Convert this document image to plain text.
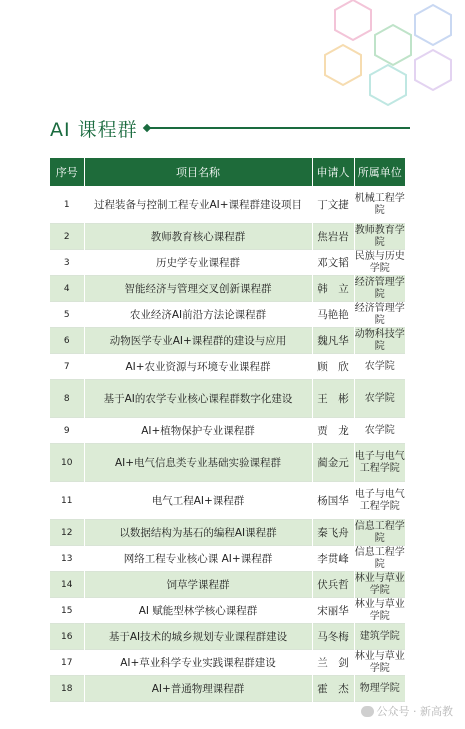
AI 课程群
序号	项目名称	申请人	所属单位
1	过程装备与控制工程专业AI+课程群建设项目	丁文捷	机械工程学院
2	教师教育核心课程群	焦岩岩	教师教育学院
3	历史学专业课程群	邓文韬	民族与历史学院
4	智能经济与管理交叉创新课程群	韩　立	经济管理学院
5	农业经济AI前沿方法论课程群	马艳艳	经济管理学院
6	动物医学专业AI+课程群的建设与应用	魏凡华	动物科技学院
7	AI+农业资源与环境专业课程群	顾　欣	农学院
8	基于AI的农学专业核心课程群数字化建设	王　彬	农学院
9	AI+植物保护专业课程群	贾　龙	农学院
10	AI+电气信息类专业基础实验课程群	蔺金元	电子与电气工程学院
11	电气工程AI+课程群	杨国华	电子与电气工程学院
12	以数据结构为基石的编程AI课程群	秦飞舟	信息工程学院
13	网络工程专业核心课 AI+课程群	李贯峰	信息工程学院
14	饲草学课程群	伏兵哲	林业与草业学院
15	AI 赋能型林学核心课程群	宋丽华	林业与草业学院
16	基于AI技术的城乡规划专业课程群建设	马冬梅	建筑学院
17	AI+草业科学专业实践课程群建设	兰　剑	林业与草业学院
18	AI+普通物理课程群	霍　杰	物理学院
公众号 · 新高教
